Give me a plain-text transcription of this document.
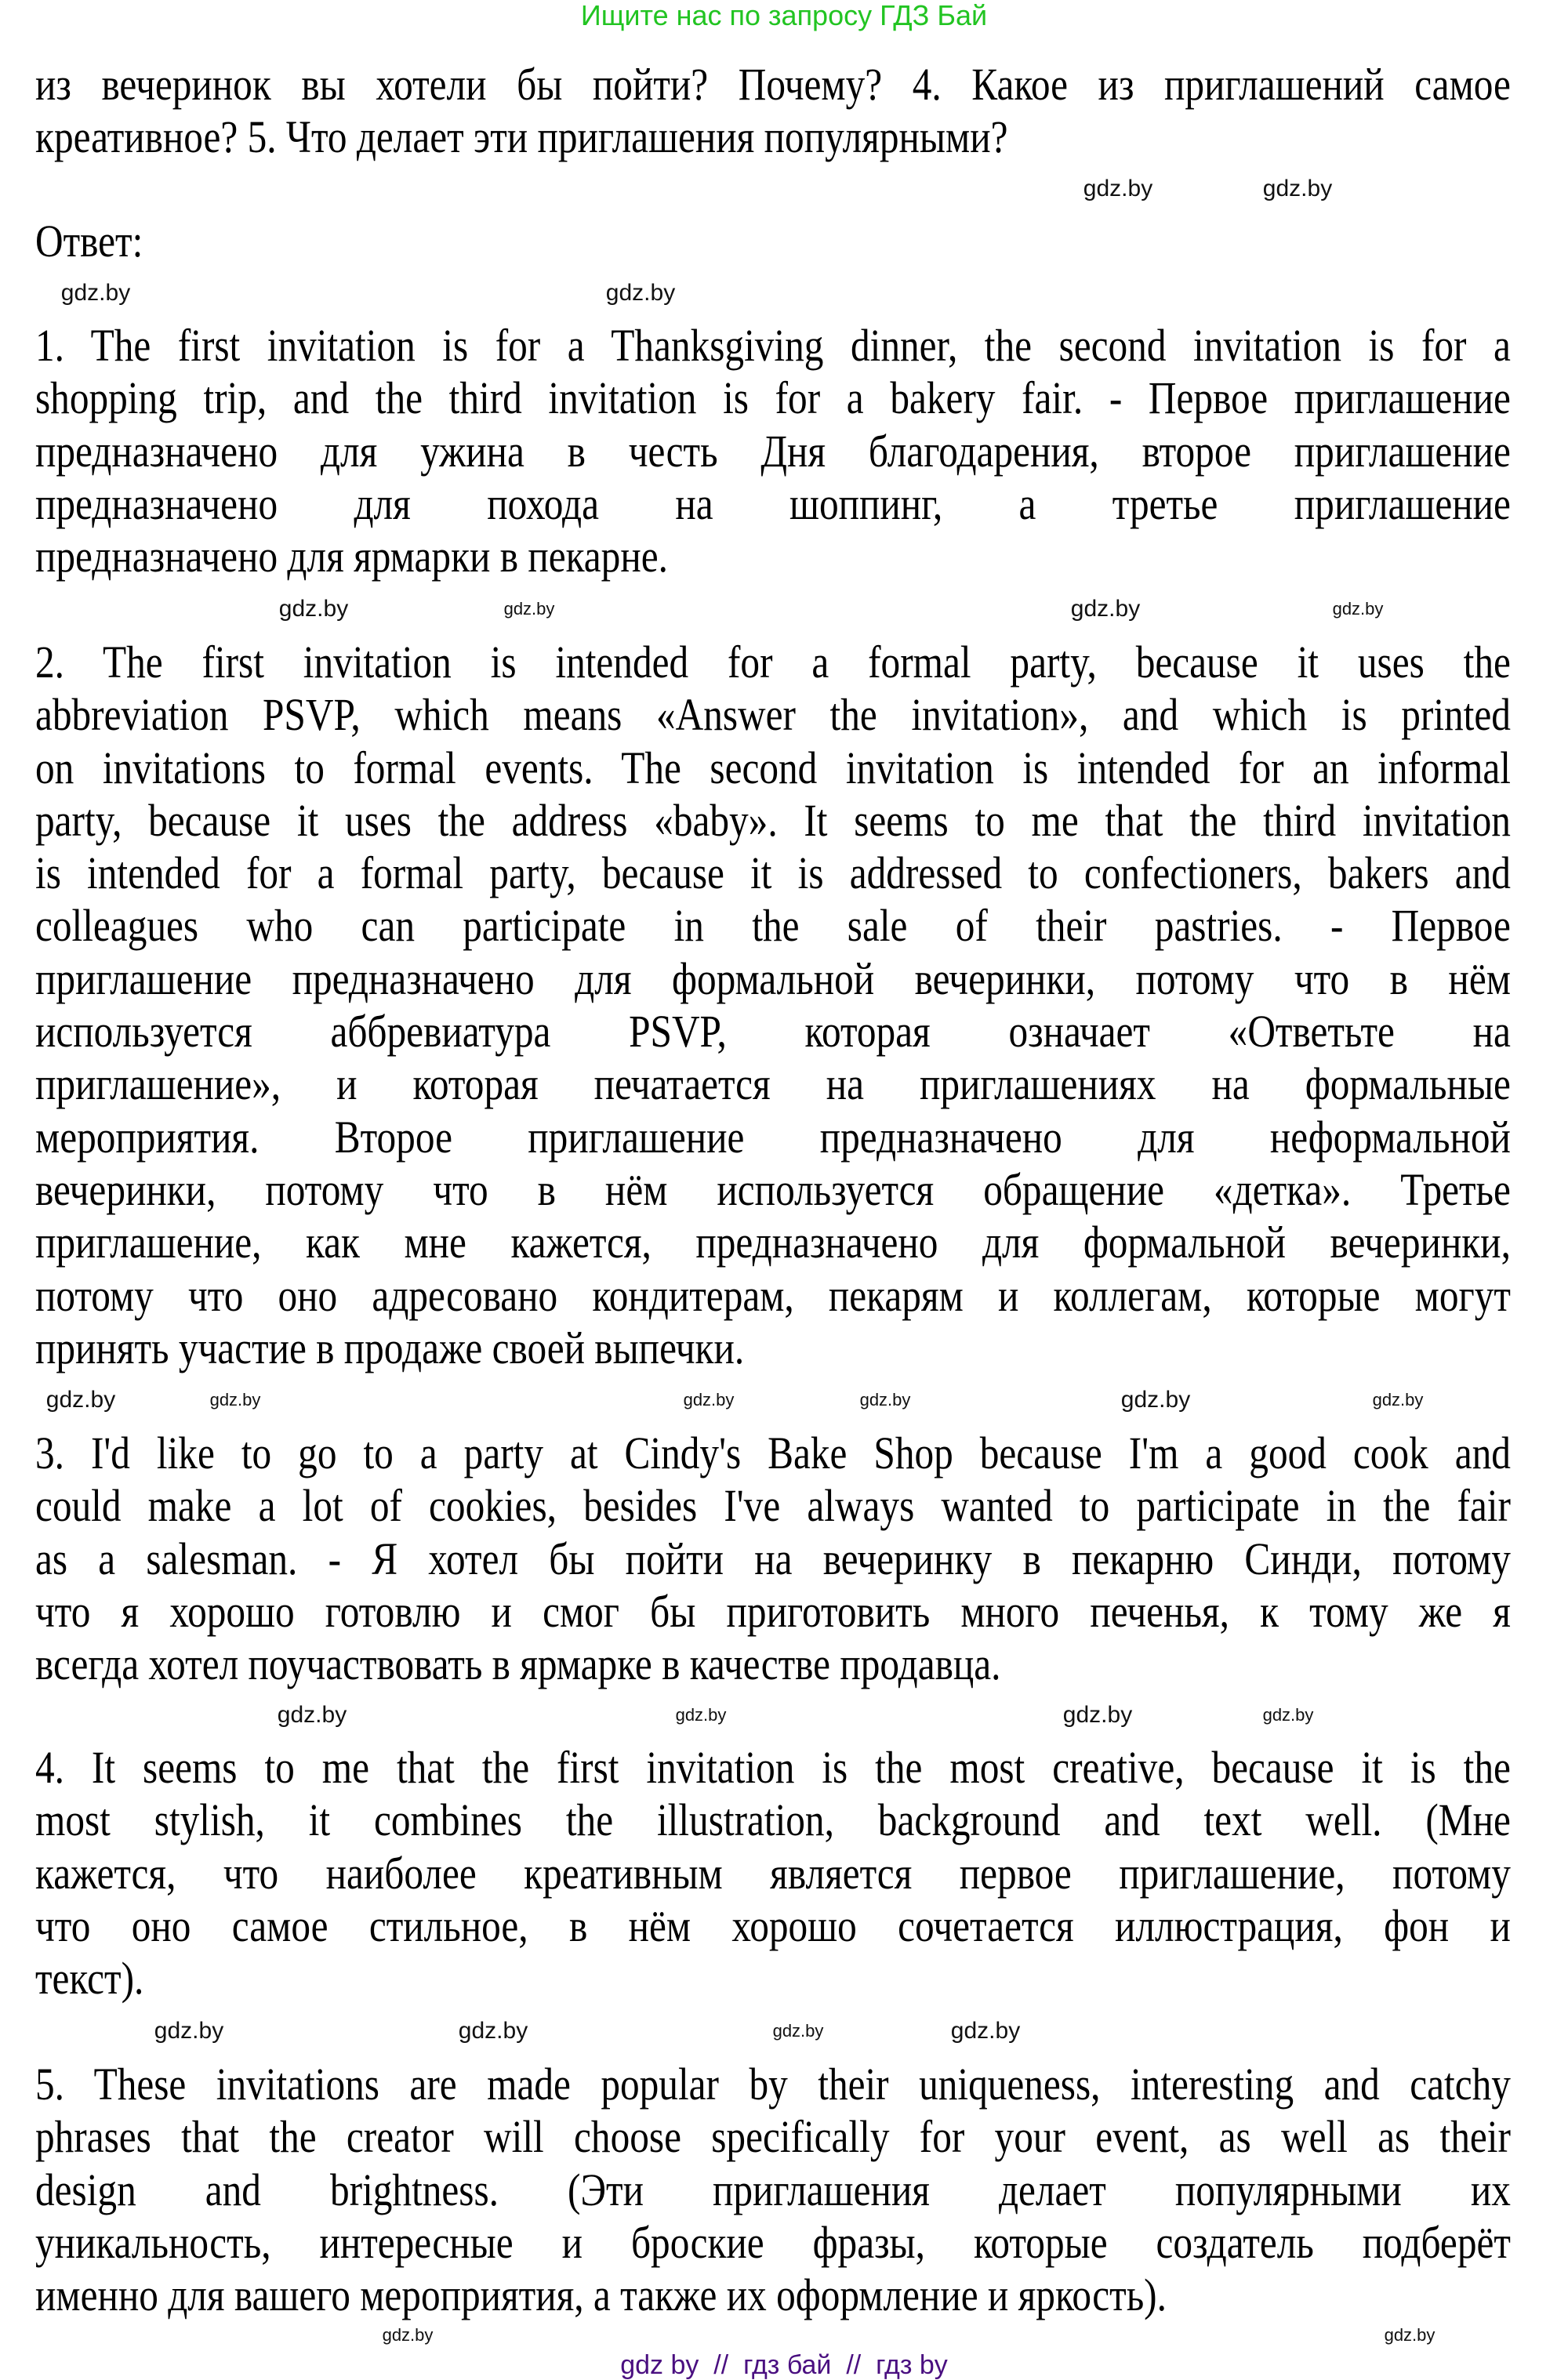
Ищите нас по запросу ГДЗ Бай
из вечеринок вы хотели бы пойти? Почему? 4. Какое из приглашений самое
креативное? 5. Что делает эти приглашения популярными?
Ответ:
1. The first invitation is for a Thanksgiving dinner, the second invitation is for a
shopping trip, and the third invitation is for a bakery fair. - Первое приглашение
предназначено для ужина в честь Дня благодарения, второе приглашение
предназначено для похода на шоппинг, а третье приглашение
предназначено для ярмарки в пекарне.
2. The first invitation is intended for a formal party, because it uses the
abbreviation PSVP, which means «Answer the invitation», and which is printed
on invitations to formal events. The second invitation is intended for an informal
party, because it uses the address «baby». It seems to me that the third invitation
is intended for a formal party, because it is addressed to confectioners, bakers and
colleagues who can participate in the sale of their pastries. - Первое
приглашение предназначено для формальной вечеринки, потому что в нём
используется аббревиатура PSVP, которая означает «Ответьте на
приглашение», и которая печатается на приглашениях на формальные
мероприятия. Второе приглашение предназначено для неформальной
вечеринки, потому что в нём используется обращение «детка». Третье
приглашение, как мне кажется, предназначено для формальной вечеринки,
потому что оно адресовано кондитерам, пекарям и коллегам, которые могут
принять участие в продаже своей выпечки.
3. I'd like to go to a party at Cindy's Bake Shop because I'm a good cook and
could make a lot of cookies, besides I've always wanted to participate in the fair
as a salesman. - Я хотел бы пойти на вечеринку в пекарню Синди, потому
что я хорошо готовлю и смог бы приготовить много печенья, к тому же я
всегда хотел поучаствовать в ярмарке в качестве продавца.
4. It seems to me that the first invitation is the most creative, because it is the
most stylish, it combines the illustration, background and text well. (Мне
кажется, что наиболее креативным является первое приглашение, потому
что оно самое стильное, в нём хорошо сочетается иллюстрация, фон и
текст).
5. These invitations are made popular by their uniqueness, interesting and catchy
phrases that the creator will choose specifically for your event, as well as their
design and brightness. (Эти приглашения делает популярными их
уникальность, интересные и броские фразы, которые создатель подберёт
именно для вашего мероприятия, а также их оформление и яркость).
gdz.by
gdz.by
gdz.by
gdz.by
gdz.by	gdz.by
gdz.by	gdz.by
gdz.by
gdz.by	gdz.by
gdz.by	gdz.by
gdz.by
gdz.by
gdz.by	gdz.by
gdz.by
gdz.by
gdz.by
gdz.by	gdz.by
gdz.by
gdz.by
gdz by  //  гдз бай  //  гдз by
